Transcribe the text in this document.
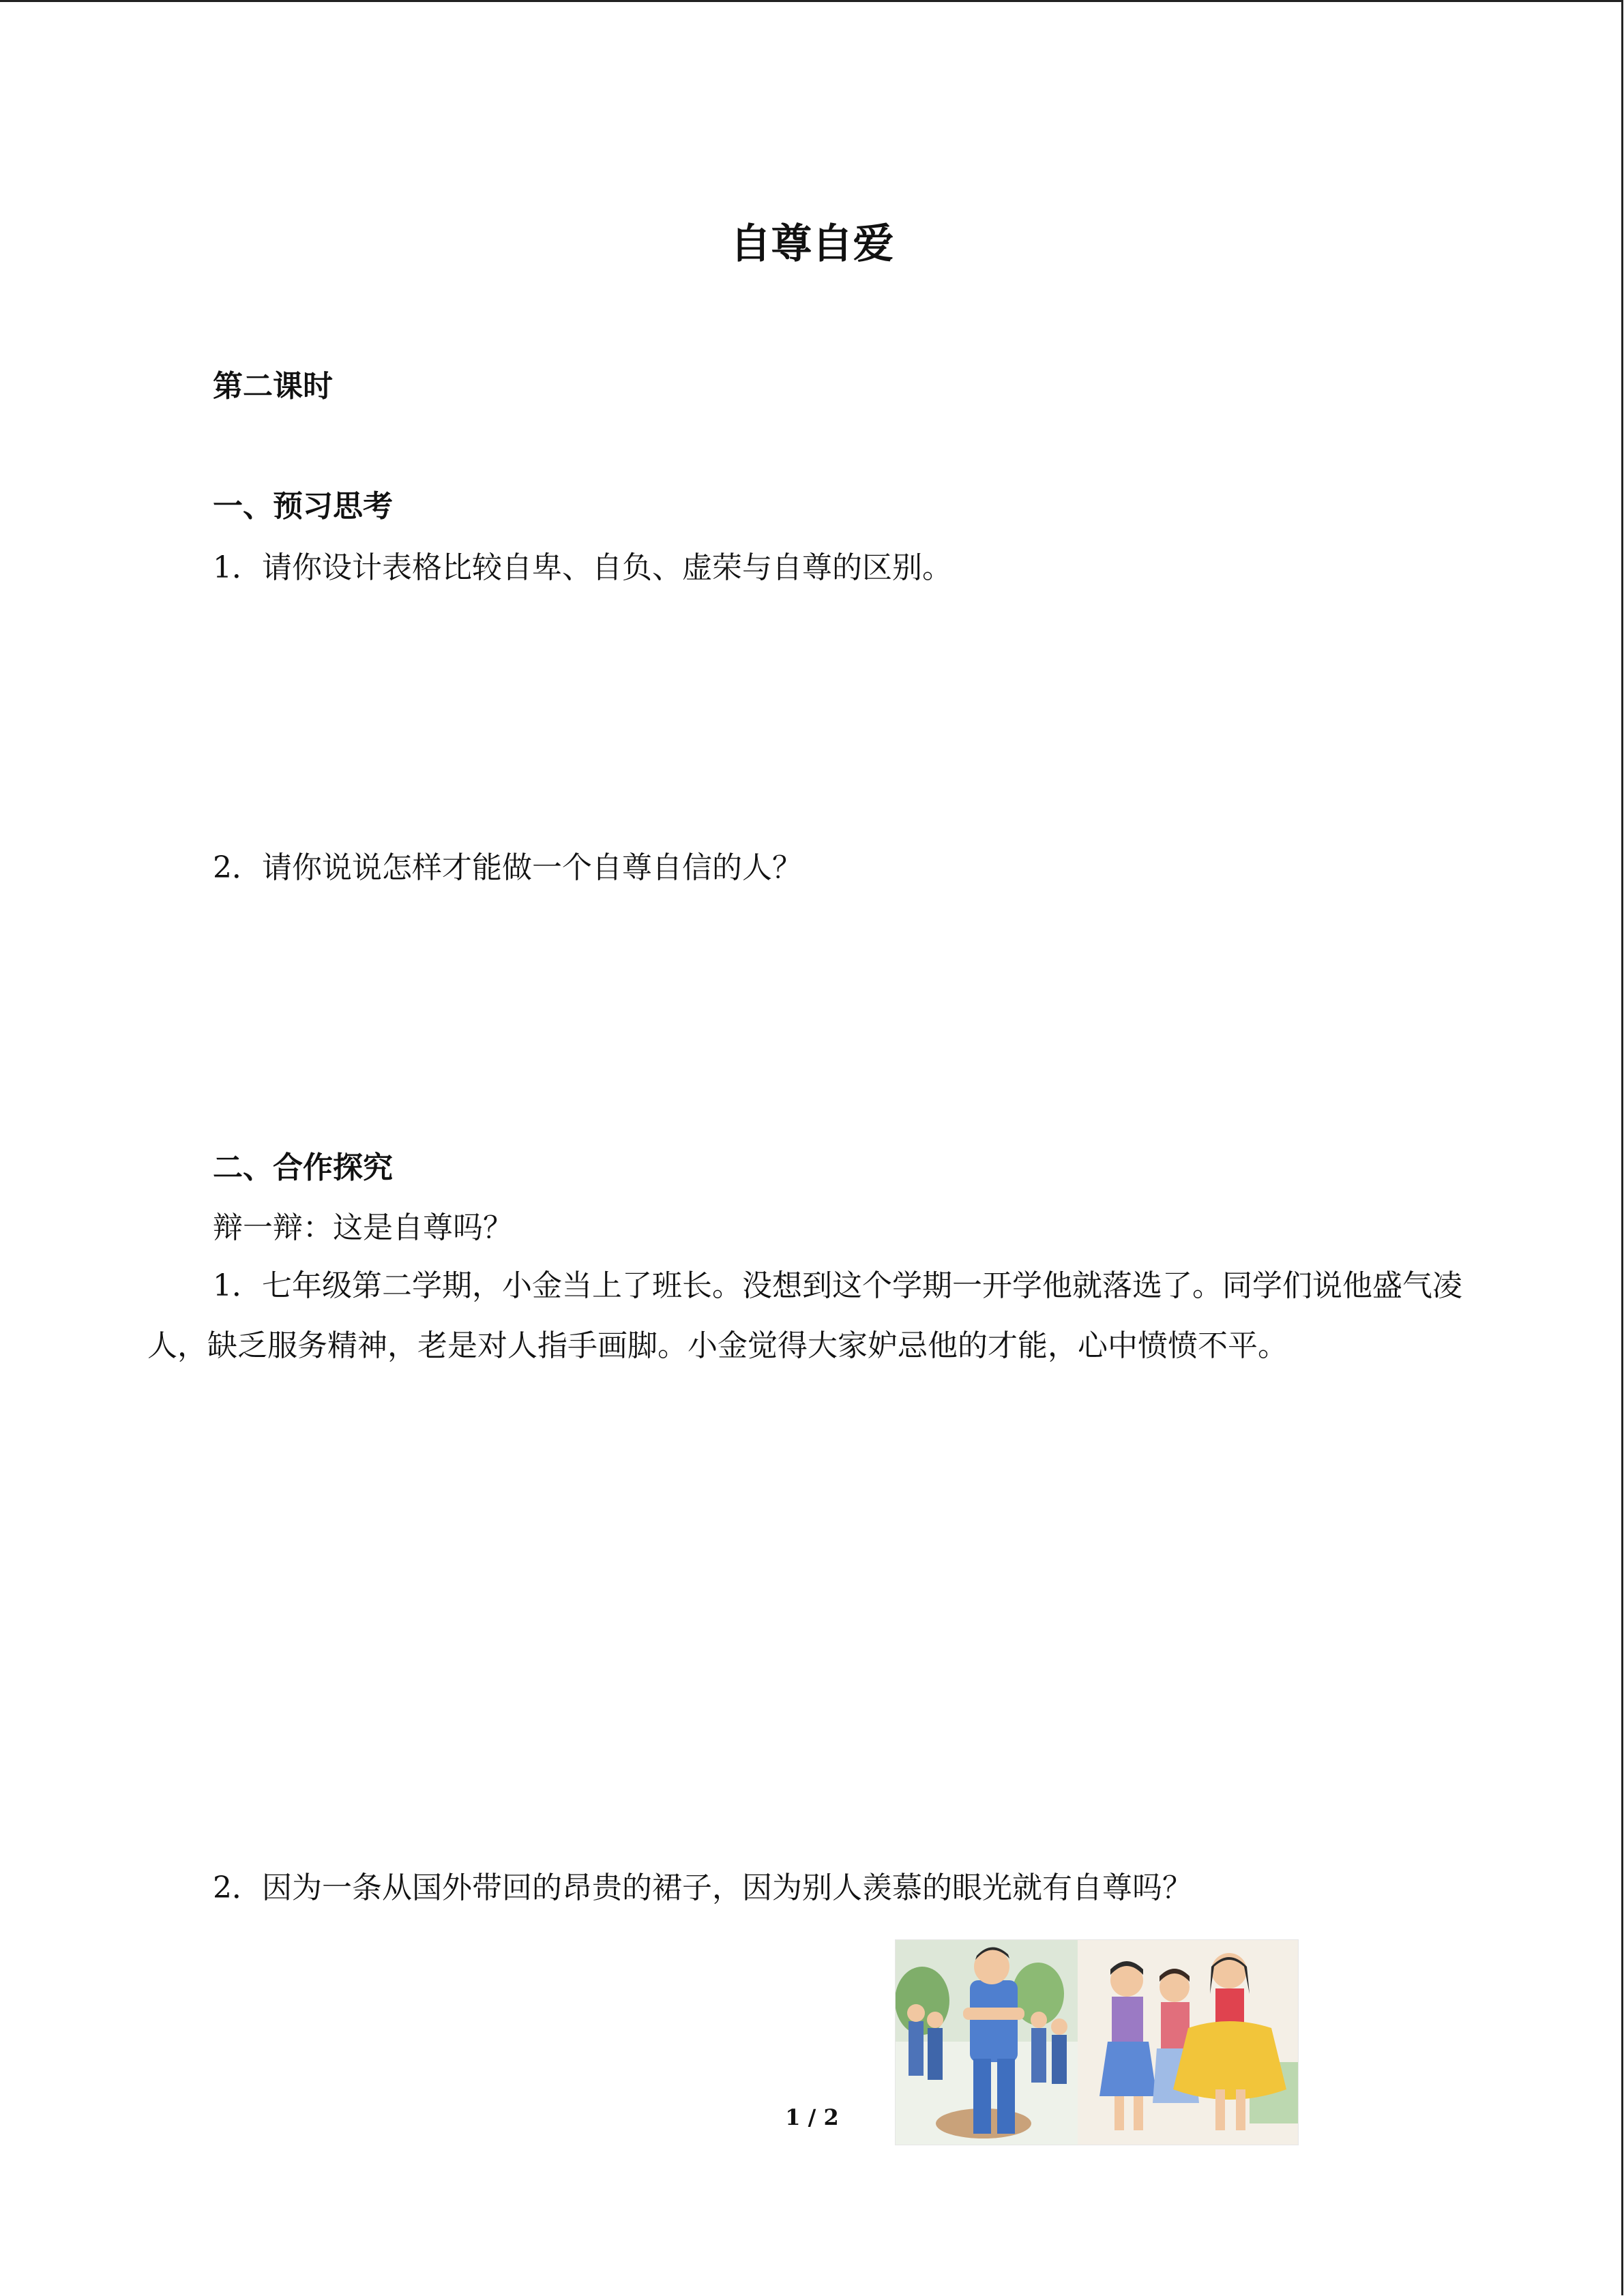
自尊自爱
第二课时
一、预习思考
1．请你设计表格比较自卑、自负、虚荣与自尊的区别。
2．请你说说怎样才能做一个自尊自信的人？
二、合作探究
辩一辩：这是自尊吗？
1．七年级第二学期，小金当上了班长。没想到这个学期一开学他就落选了。同学们说他盛气凌人，缺乏服务精神，老是对人指手画脚。小金觉得大家妒忌他的才能，心中愤愤不平。
2．因为一条从国外带回的昂贵的裙子，因为别人羡慕的眼光就有自尊吗？
1 / 2
